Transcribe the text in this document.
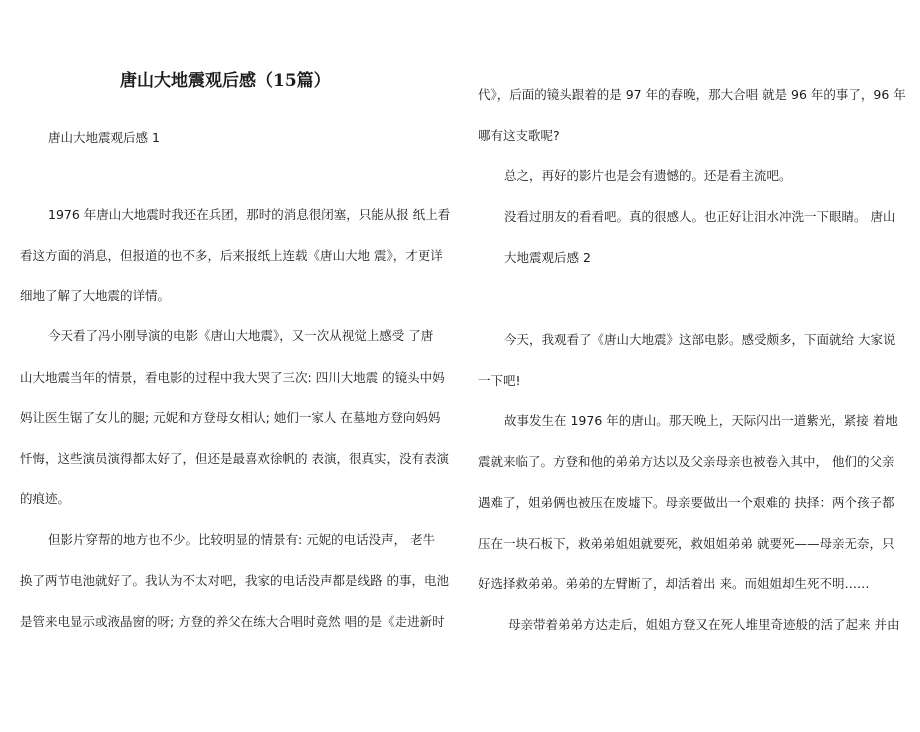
唐山大地震观后感（15篇）
唐山大地震观后感 1
1976 年唐山大地震时我还在兵团，那时的消息很闭塞，只能从报 纸上看
看这方面的消息，但报道的也不多，后来报纸上连载《唐山大地 震》，才更详
细地了解了大地震的详情。
今天看了冯小刚导演的电影《唐山大地震》，又一次从视觉上感受 了唐
山大地震当年的情景，看电影的过程中我大哭了三次: 四川大地震 的镜头中妈
妈让医生锯了女儿的腿; 元妮和方登母女相认; 她们一家人 在墓地方登向妈妈
忏悔，这些演员演得都太好了，但还是最喜欢徐帆的 表演，很真实，没有表演
的痕迹。
但影片穿帮的地方也不少。比较明显的情景有: 元妮的电话没声， 老牛
换了两节电池就好了。我认为不太对吧，我家的电话没声都是线路 的事，电池
是管来电显示或液晶窗的呀; 方登的养父在练大合唱时竟然 唱的是《走进新时
代》，后面的镜头跟着的是 97 年的春晚，那大合唱 就是 96 年的事了，96 年
哪有这支歌呢?
总之，再好的影片也是会有遗憾的。还是看主流吧。
没看过朋友的看看吧。真的很感人。也正好让泪水冲洗一下眼睛。 唐山
大地震观后感 2
今天，我观看了《唐山大地震》这部电影。感受颇多，下面就给 大家说
一下吧!
故事发生在 1976 年的唐山。那天晚上，天际闪出一道紫光，紧接 着地
震就来临了。方登和他的弟弟方达以及父亲母亲也被卷入其中， 他们的父亲
遇难了，姐弟俩也被压在废墟下。母亲要做出一个艰难的 抉择：两个孩子都
压在一块石板下，救弟弟姐姐就要死，救姐姐弟弟 就要死——母亲无奈，只
好选择救弟弟。弟弟的左臂断了，却活着出 来。而姐姐却生死不明……
母亲带着弟弟方达走后，姐姐方登又在死人堆里奇迹般的活了起来 并由
